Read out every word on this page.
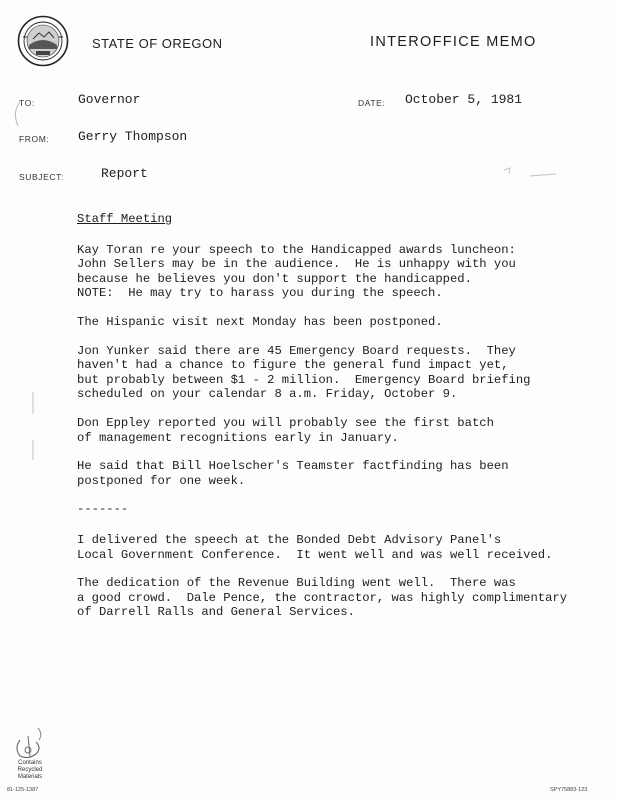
STATE OF OREGON	INTEROFFICE MEMO
TO:	Governor	DATE: October 5, 1981
FROM: Gerry Thompson
SUBJECT:	Report
Staff Meeting

Kay Toran re your speech to the Handicapped awards luncheon:
John Sellers may be in the audience.  He is unhappy with you
because he believes you don't support the handicapped.
NOTE:  He may try to harass you during the speech.

The Hispanic visit next Monday has been postponed.

Jon Yunker said there are 45 Emergency Board requests.  They
haven't had a chance to figure the general fund impact yet,
but probably between $1 - 2 million.  Emergency Board briefing
scheduled on your calendar 8 a.m. Friday, October 9.

Don Eppley reported you will probably see the first batch
of management recognitions early in January.

He said that Bill Hoelscher's Teamster factfinding has been
postponed for one week.

-------

I delivered the speech at the Bonded Debt Advisory Panel's
Local Government Conference.  It went well and was well received.

The dedication of the Revenue Building went well.  There was
a good crowd.  Dale Pence, the contractor, was highly complimentary
of Darrell Ralls and General Services.

Contains Recycled Materials
81-125-1387	SPY75883-123
